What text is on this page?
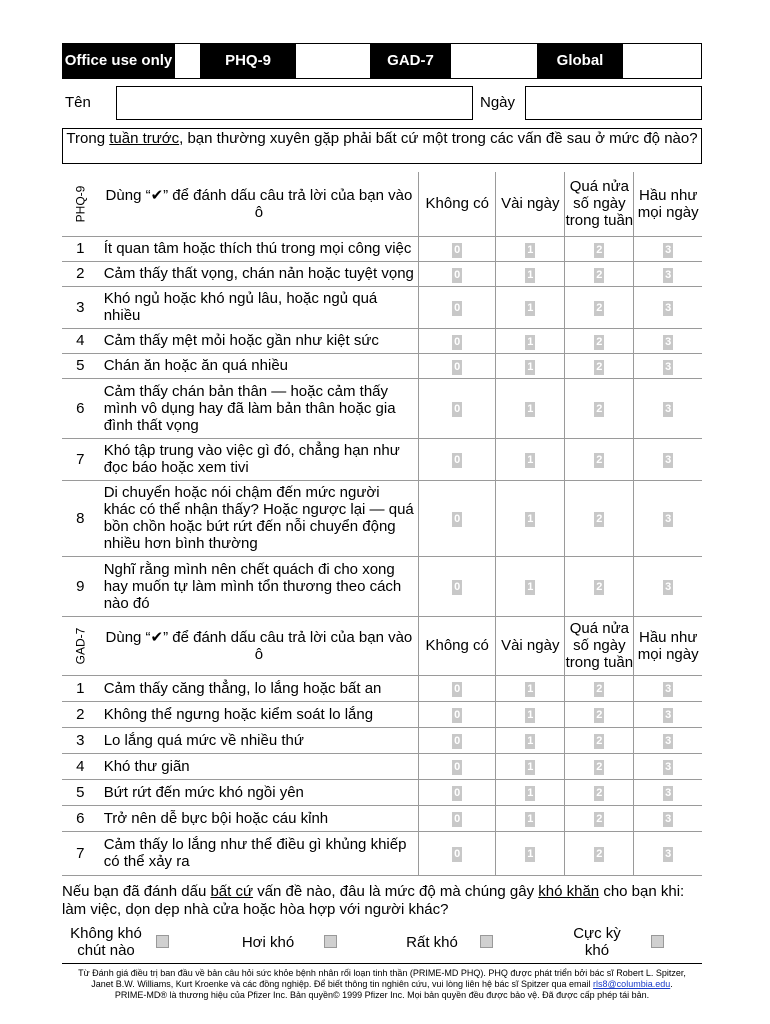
Office use only	PHQ-9	GAD-7	Global
Tên	Ngày
Trong tuần trước, bạn thường xuyên gặp phải bất cứ một trong các vấn đề sau ở mức độ nào?
PHQ-9	Dùng “✔” để đánh dấu câu trả lời của bạn vào ô	Không có	Vài ngày	Quá nửa số ngày trong tuần	Hầu như mọi ngày
1	Ít quan tâm hoặc thích thú trong mọi công việc	0	1	2	3
2	Cảm thấy thất vọng, chán nản hoặc tuyệt vọng	0	1	2	3
3	Khó ngủ hoặc khó ngủ lâu, hoặc ngủ quá nhiều	0	1	2	3
4	Cảm thấy mệt mỏi hoặc gần như kiệt sức	0	1	2	3
5	Chán ăn hoặc ăn quá nhiều	0	1	2	3
6	Cảm thấy chán bản thân — hoặc cảm thấy mình vô dụng hay đã làm bản thân hoặc gia đình thất vọng	0	1	2	3
7	Khó tập trung vào việc gì đó, chẳng hạn như đọc báo hoặc xem tivi	0	1	2	3
8	Di chuyển hoặc nói chậm đến mức người khác có thể nhận thấy? Hoặc ngược lại — quá bồn chồn hoặc bứt rứt đến nỗi chuyển động nhiều hơn bình thường	0	1	2	3
9	Nghĩ rằng mình nên chết quách đi cho xong hay muốn tự làm mình tổn thương theo cách nào đó	0	1	2	3
GAD-7	Dùng “✔” để đánh dấu câu trả lời của bạn vào ô	Không có	Vài ngày	Quá nửa số ngày trong tuần	Hầu như mọi ngày
1	Cảm thấy căng thẳng, lo lắng hoặc bất an	0	1	2	3
2	Không thể ngưng hoặc kiểm soát lo lắng	0	1	2	3
3	Lo lắng quá mức về nhiều thứ	0	1	2	3
4	Khó thư giãn	0	1	2	3
5	Bứt rứt đến mức khó ngồi yên	0	1	2	3
6	Trở nên dễ bực bội hoặc cáu kỉnh	0	1	2	3
7	Cảm thấy lo lắng như thể điều gì khủng khiếp có thể xảy ra	0	1	2	3
Nếu bạn đã đánh dấu bất cứ vấn đề nào, đâu là mức độ mà chúng gây khó khăn cho bạn khi: làm việc, dọn dẹp nhà cửa hoặc hòa hợp với người khác?
Không khó chút nào	Hơi khó	Rất khó
Cực kỳ khó
Từ Đánh giá điều trị ban đầu về bản câu hỏi sức khỏe bệnh nhân rối loạn tinh thần (PRIME-MD PHQ). PHQ được phát triển bởi bác sĩ Robert L. Spitzer,
Janet B.W. Williams, Kurt Kroenke và các đồng nghiệp. Để biết thông tin nghiên cứu, vui lòng liên hệ bác sĩ Spitzer qua email rls8@columbia.edu.
PRIME-MD® là thương hiệu của Pfizer Inc. Bản quyền© 1999 Pfizer Inc. Mọi bản quyền đều được bảo vệ. Đã được cấp phép tái bản.
